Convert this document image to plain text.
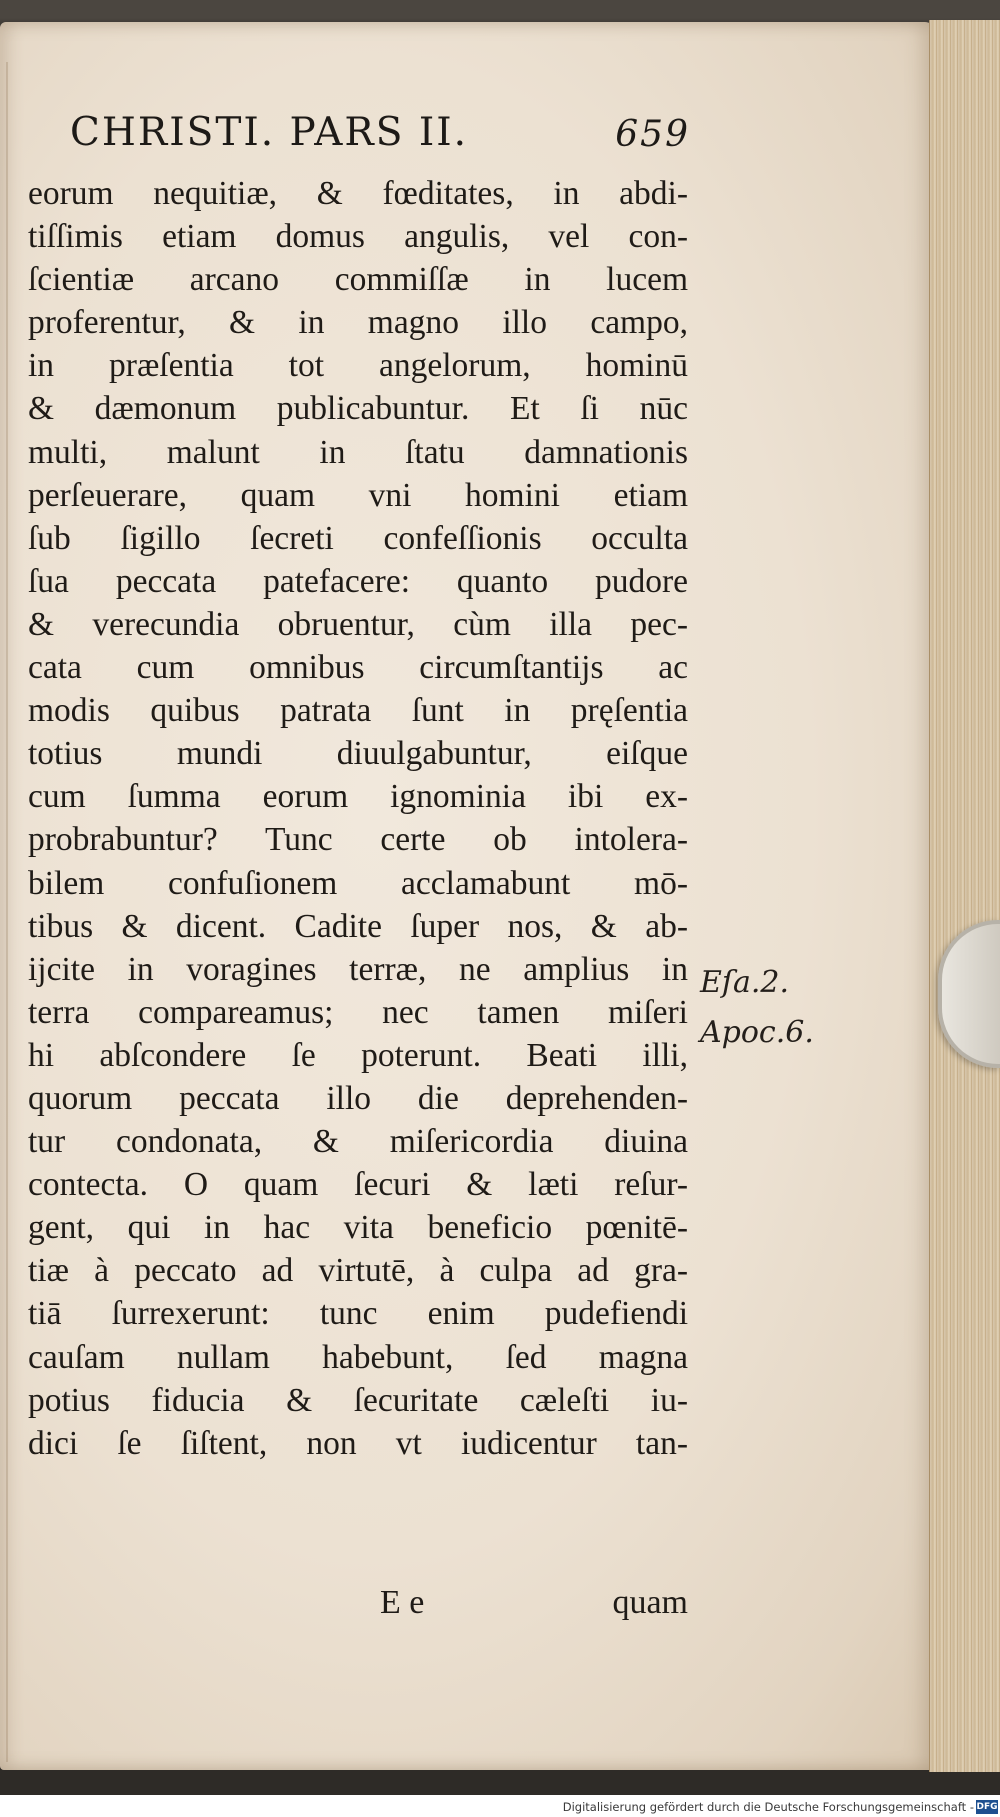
CHRISTI. PARS II.	659
eorum nequitiæ, & fœditates, in abdi-
tiſſimis etiam domus angulis, vel con-
ſcientiæ arcano commiſſæ in lucem
proferentur, & in magno illo campo,
in præſentia tot angelorum, hominū
& dæmonum publicabuntur. Et ſi nūc
multi, malunt in ſtatu damnationis
perſeuerare, quam vni homini etiam
ſub ſigillo ſecreti confeſſionis occulta
ſua peccata patefacere: quanto pudore
& verecundia obruentur, cùm illa pec-
cata cum omnibus circumſtantijs ac
modis quibus patrata ſunt in pręſentia
totius mundi diuulgabuntur, eiſque
cum ſumma eorum ignominia ibi ex-
probrabuntur? Tunc certe ob intolera-
bilem confuſionem acclamabunt mō-
tibus & dicent. Cadite ſuper nos, & ab-
ijcite in voragines terræ, ne amplius in
terra compareamus; nec tamen miſeri
hi abſcondere ſe poterunt. Beati illi,
quorum peccata illo die deprehenden-
tur condonata, & miſericordia diuina
contecta. O quam ſecuri & læti reſur-
gent, qui in hac vita beneficio pœnitē-
tiæ à peccato ad virtutē, à culpa ad gra-
tiā ſurrexerunt: tunc enim pudefiendi
cauſam nullam habebunt, ſed magna
potius fiducia & ſecuritate cæleſti iu-
dici ſe ſiſtent, non vt iudicentur tan-
E e	quam
Eſa.2.
Apoc.6.
Digitalisierung gefördert durch die Deutsche Forschungsgemeinschaft - DFG
